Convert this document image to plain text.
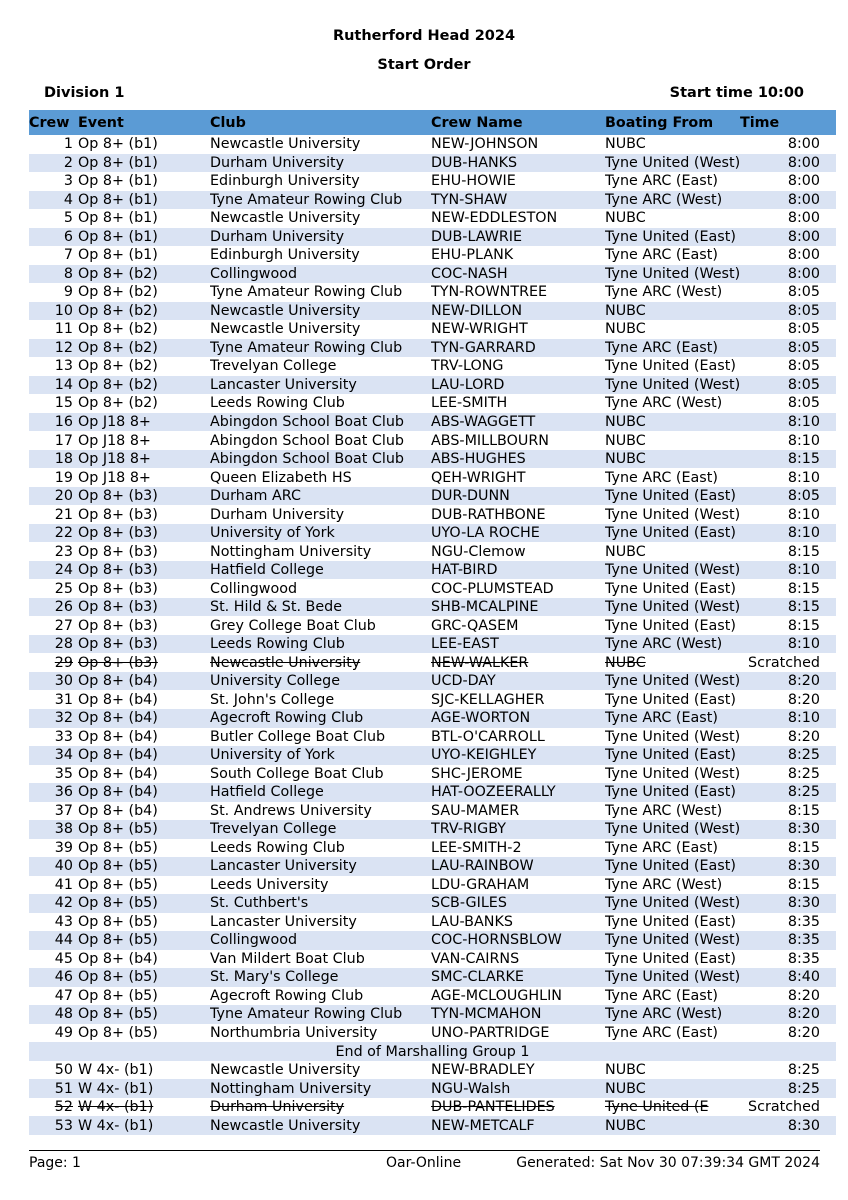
Rutherford Head 2024
Start Order
Division 1	Start time 10:00
Crew	Event	Club	Crew Name	Boating From	Time
1	Op 8+ (b1)	Newcastle University	NEW-JOHNSON	NUBC	8:00
2	Op 8+ (b1)	Durham University	DUB-HANKS	Tyne United (West)	8:00
3	Op 8+ (b1)	Edinburgh University	EHU-HOWIE	Tyne ARC (East)	8:00
4	Op 8+ (b1)	Tyne Amateur Rowing Club	TYN-SHAW	Tyne ARC (West)	8:00
5	Op 8+ (b1)	Newcastle University	NEW-EDDLESTON	NUBC	8:00
6	Op 8+ (b1)	Durham University	DUB-LAWRIE	Tyne United (East)	8:00
7	Op 8+ (b1)	Edinburgh University	EHU-PLANK	Tyne ARC (East)	8:00
8	Op 8+ (b2)	Collingwood	COC-NASH	Tyne United (West)	8:00
9	Op 8+ (b2)	Tyne Amateur Rowing Club	TYN-ROWNTREE	Tyne ARC (West)	8:05
10	Op 8+ (b2)	Newcastle University	NEW-DILLON	NUBC	8:05
11	Op 8+ (b2)	Newcastle University	NEW-WRIGHT	NUBC	8:05
12	Op 8+ (b2)	Tyne Amateur Rowing Club	TYN-GARRARD	Tyne ARC (East)	8:05
13	Op 8+ (b2)	Trevelyan College	TRV-LONG	Tyne United (East)	8:05
14	Op 8+ (b2)	Lancaster University	LAU-LORD	Tyne United (West)	8:05
15	Op 8+ (b2)	Leeds Rowing Club	LEE-SMITH	Tyne ARC (West)	8:05
16	Op J18 8+	Abingdon School Boat Club	ABS-WAGGETT	NUBC	8:10
17	Op J18 8+	Abingdon School Boat Club	ABS-MILLBOURN	NUBC	8:10
18	Op J18 8+	Abingdon School Boat Club	ABS-HUGHES	NUBC	8:15
19	Op J18 8+	Queen Elizabeth HS	QEH-WRIGHT	Tyne ARC (East)	8:10
20	Op 8+ (b3)	Durham ARC	DUR-DUNN	Tyne United (East)	8:05
21	Op 8+ (b3)	Durham University	DUB-RATHBONE	Tyne United (West)	8:10
22	Op 8+ (b3)	University of York	UYO-LA ROCHE	Tyne United (East)	8:10
23	Op 8+ (b3)	Nottingham University	NGU-Clemow	NUBC	8:15
24	Op 8+ (b3)	Hatfield College	HAT-BIRD	Tyne United (West)	8:10
25	Op 8+ (b3)	Collingwood	COC-PLUMSTEAD	Tyne United (East)	8:15
26	Op 8+ (b3)	St. Hild & St. Bede	SHB-MCALPINE	Tyne United (West)	8:15
27	Op 8+ (b3)	Grey College Boat Club	GRC-QASEM	Tyne United (East)	8:15
28	Op 8+ (b3)	Leeds Rowing Club	LEE-EAST	Tyne ARC (West)	8:10
29	Op 8+ (b3)	Newcastle University	NEW-WALKER	NUBC	Scratched
30	Op 8+ (b4)	University College	UCD-DAY	Tyne United (West)	8:20
31	Op 8+ (b4)	St. John's College	SJC-KELLAGHER	Tyne United (East)	8:20
32	Op 8+ (b4)	Agecroft Rowing Club	AGE-WORTON	Tyne ARC (East)	8:10
33	Op 8+ (b4)	Butler College Boat Club	BTL-O'CARROLL	Tyne United (West)	8:20
34	Op 8+ (b4)	University of York	UYO-KEIGHLEY	Tyne United (East)	8:25
35	Op 8+ (b4)	South College Boat Club	SHC-JEROME	Tyne United (West)	8:25
36	Op 8+ (b4)	Hatfield College	HAT-OOZEERALLY	Tyne United (East)	8:25
37	Op 8+ (b4)	St. Andrews University	SAU-MAMER	Tyne ARC (West)	8:15
38	Op 8+ (b5)	Trevelyan College	TRV-RIGBY	Tyne United (West)	8:30
39	Op 8+ (b5)	Leeds Rowing Club	LEE-SMITH-2	Tyne ARC (East)	8:15
40	Op 8+ (b5)	Lancaster University	LAU-RAINBOW	Tyne United (East)	8:30
41	Op 8+ (b5)	Leeds University	LDU-GRAHAM	Tyne ARC (West)	8:15
42	Op 8+ (b5)	St. Cuthbert's	SCB-GILES	Tyne United (West)	8:30
43	Op 8+ (b5)	Lancaster University	LAU-BANKS	Tyne United (East)	8:35
44	Op 8+ (b5)	Collingwood	COC-HORNSBLOW	Tyne United (West)	8:35
45	Op 8+ (b4)	Van Mildert Boat Club	VAN-CAIRNS	Tyne United (East)	8:35
46	Op 8+ (b5)	St. Mary's College	SMC-CLARKE	Tyne United (West)	8:40
47	Op 8+ (b5)	Agecroft Rowing Club	AGE-MCLOUGHLIN	Tyne ARC (East)	8:20
48	Op 8+ (b5)	Tyne Amateur Rowing Club	TYN-MCMAHON	Tyne ARC (West)	8:20
49	Op 8+ (b5)	Northumbria University	UNO-PARTRIDGE	Tyne ARC (East)	8:20
End of Marshalling Group 1					
50	W 4x- (b1)	Newcastle University	NEW-BRADLEY	NUBC	8:25
51	W 4x- (b1)	Nottingham University	NGU-Walsh	NUBC	8:25
52	W 4x- (b1)	Durham University	DUB-PANTELIDES	Tyne United (E	Scratched
53	W 4x- (b1)	Newcastle University	NEW-METCALF	NUBC	8:30
Page: 1	Oar-Online	Generated: Sat Nov 30 07:39:34 GMT 2024
